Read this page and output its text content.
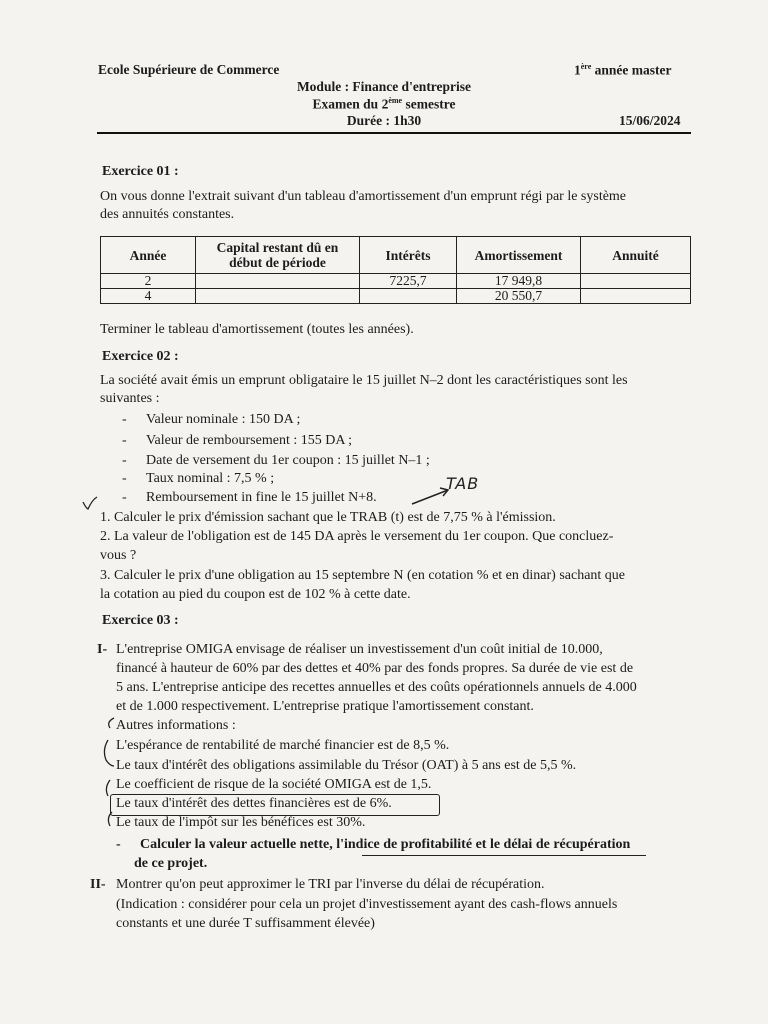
Ecole Supérieure de Commerce	1ère année master
Module : Finance d'entreprise
Examen du 2ème semestre
Durée : 1h30	15/06/2024
Exercice 01 :
On vous donne l'extrait suivant d'un tableau d'amortissement d'un emprunt régi par le système
des annuités constantes.
Année	Capital restant dû en début de période	Intérêts	Amortissement	Annuité
2		7225,7	17 949,8	
4			20 550,7	
Terminer le tableau d'amortissement (toutes les années).
Exercice 02 :
La société avait émis un emprunt obligataire le 15 juillet N–2 dont les caractéristiques sont les
suivantes :
- Valeur nominale : 150 DA ;
- Valeur de remboursement : 155 DA ;
- Date de versement du 1er coupon : 15 juillet N–1 ;
- Taux nominal : 7,5 % ;
- Remboursement in fine le 15 juillet N+8.
TAB
1. Calculer le prix d'émission sachant que le TRAB (t) est de 7,75 % à l'émission.
2. La valeur de l'obligation est de 145 DA après le versement du 1er coupon. Que concluez-
vous ?
3. Calculer le prix d'une obligation au 15 septembre N (en cotation % et en dinar) sachant que
la cotation au pied du coupon est de 102 % à cette date.
Exercice 03 :
I- L'entreprise OMIGA envisage de réaliser un investissement d'un coût initial de 10.000,
financé à hauteur de 60% par des dettes et 40% par des fonds propres. Sa durée de vie est de
5 ans. L'entreprise anticipe des recettes annuelles et des coûts opérationnels annuels de 4.000
et de 1.000 respectivement. L'entreprise pratique l'amortissement constant.
Autres informations :
L'espérance de rentabilité de marché financier est de 8,5 %.
Le taux d'intérêt des obligations assimilable du Trésor (OAT) à 5 ans est de 5,5 %.
Le coefficient de risque de la société OMIGA est de 1,5.
Le taux d'intérêt des dettes financières est de 6%.
Le taux de l'impôt sur les bénéfices est 30%.
- Calculer la valeur actuelle nette, l'indice de profitabilité et le délai de récupération
de ce projet.
II- Montrer qu'on peut approximer le TRI par l'inverse du délai de récupération.
(Indication : considérer pour cela un projet d'investissement ayant des cash-flows annuels
constants et une durée T suffisamment élevée)
